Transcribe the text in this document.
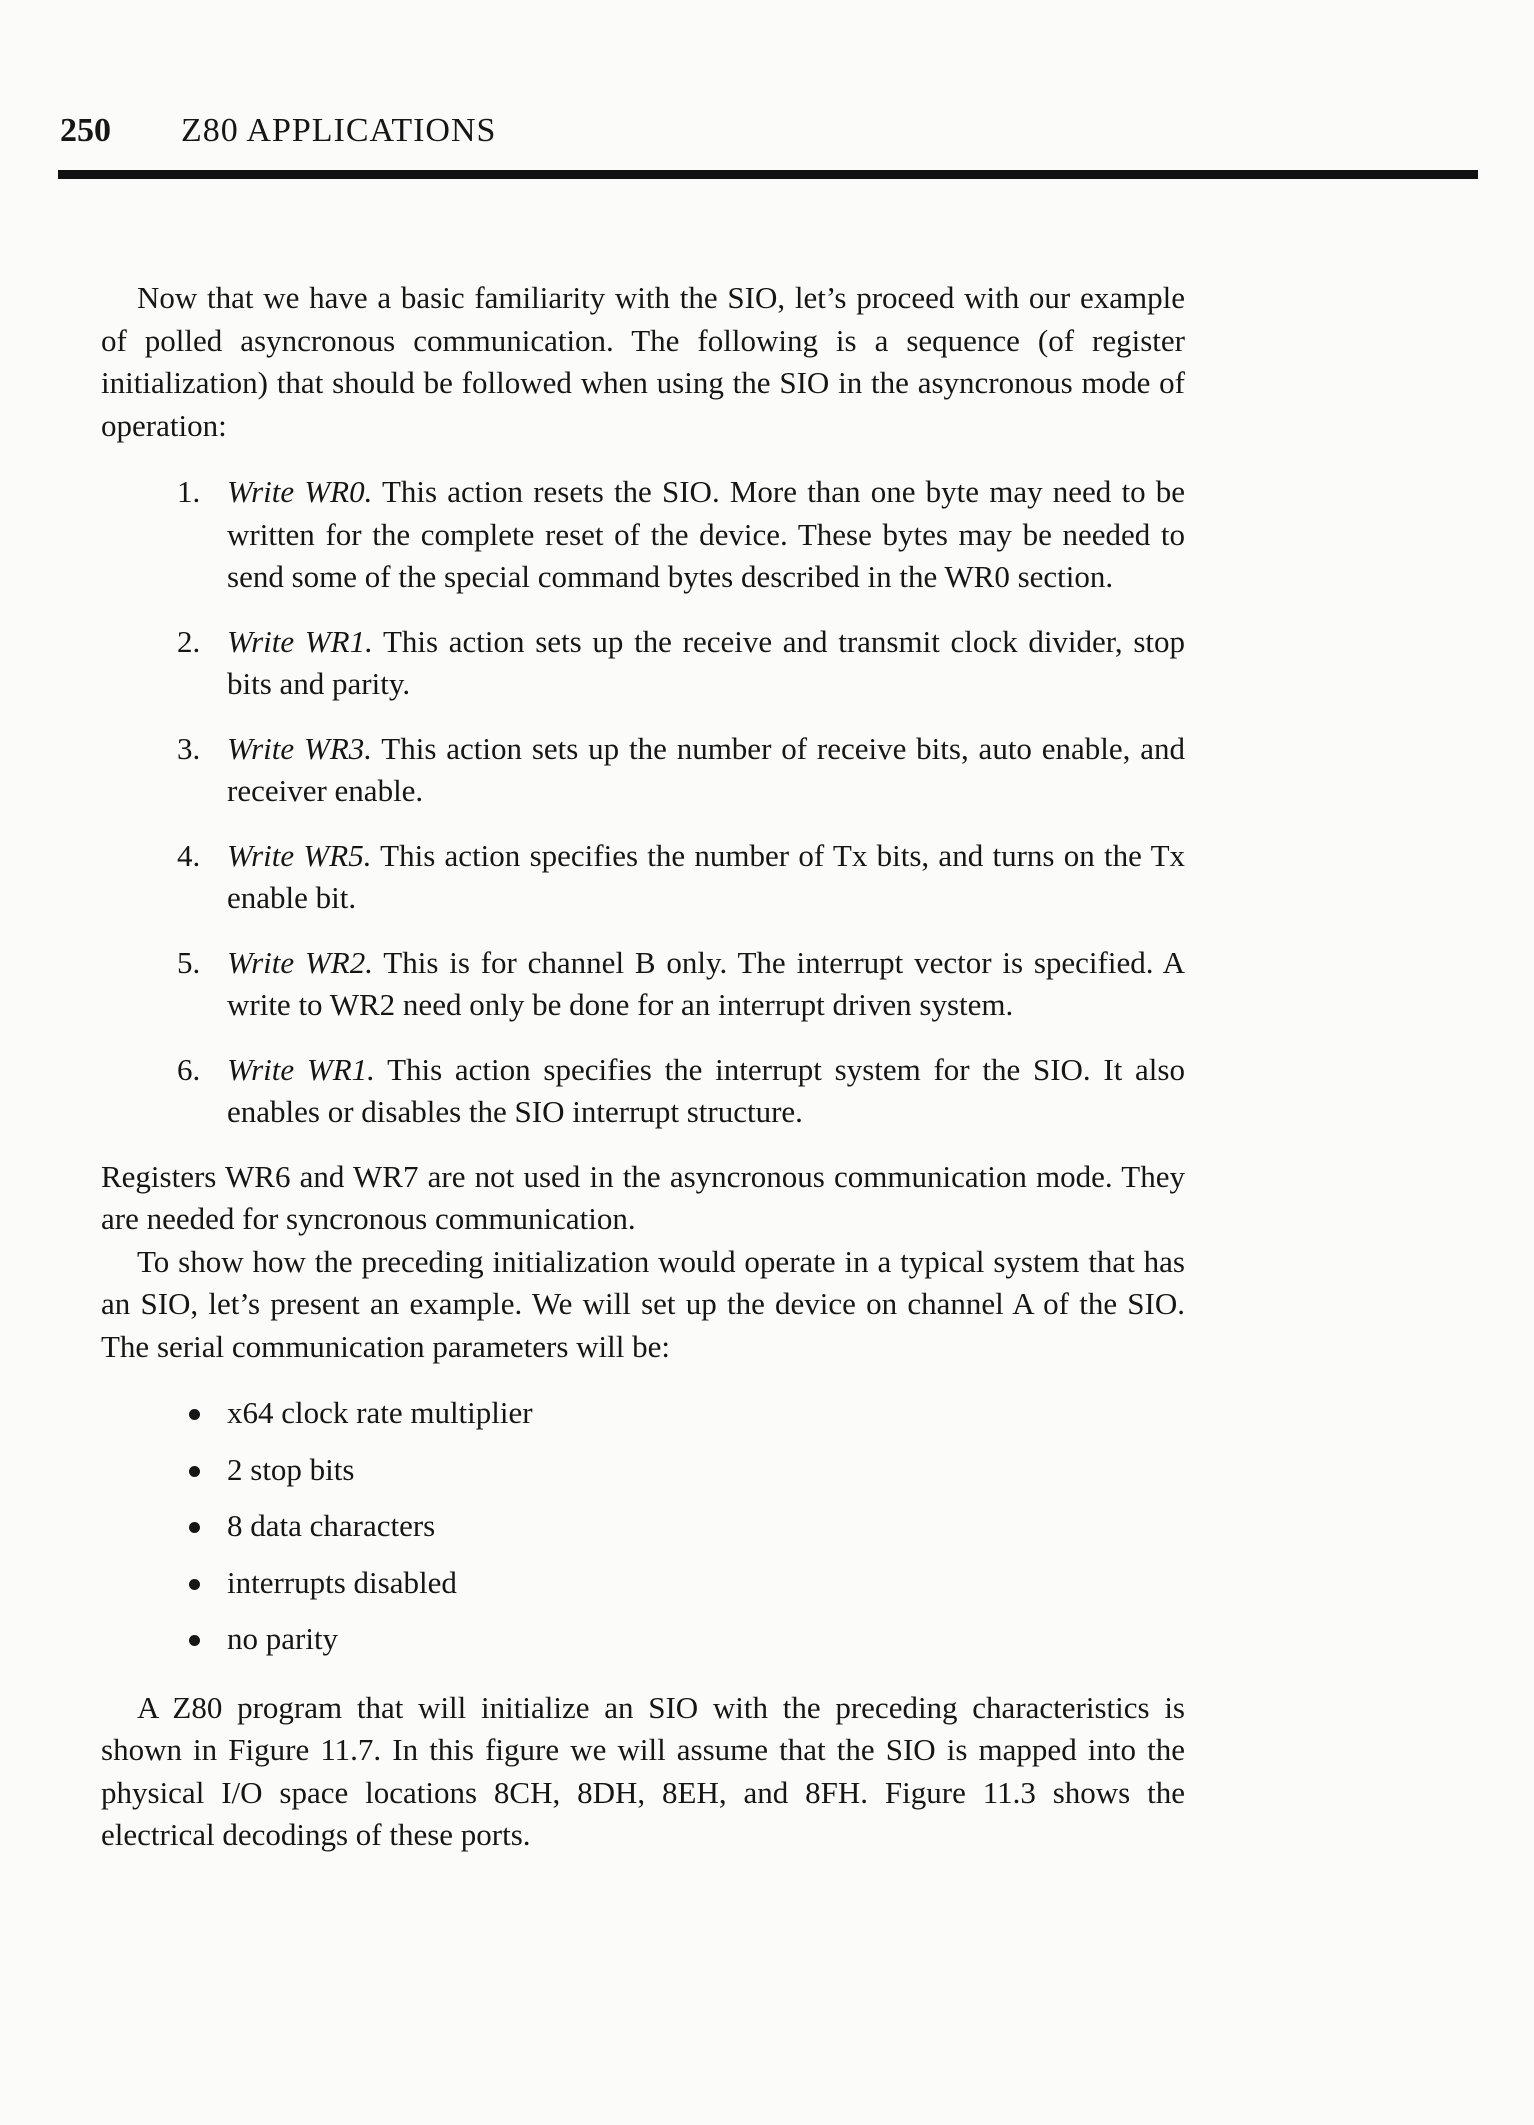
250 Z80 APPLICATIONS

Now that we have a basic familiarity with the SIO, let’s proceed with our example of polled asyncronous communication. The following is a sequence (of register initialization) that should be followed when using the SIO in the asyncronous mode of operation:

1. Write WR0. This action resets the SIO. More than one byte may need to be written for the complete reset of the device. These bytes may be needed to send some of the special command bytes described in the WR0 section.
2. Write WR1. This action sets up the receive and transmit clock divider, stop bits and parity.
3. Write WR3. This action sets up the number of receive bits, auto enable, and receiver enable.
4. Write WR5. This action specifies the number of Tx bits, and turns on the Tx enable bit.
5. Write WR2. This is for channel B only. The interrupt vector is specified. A write to WR2 need only be done for an interrupt driven system.
6. Write WR1. This action specifies the interrupt system for the SIO. It also enables or disables the SIO interrupt structure.

Registers WR6 and WR7 are not used in the asyncronous communication mode. They are needed for syncronous communication.

To show how the preceding initialization would operate in a typical system that has an SIO, let’s present an example. We will set up the device on channel A of the SIO. The serial communication parameters will be:

x64 clock rate multiplier
2 stop bits
8 data characters
interrupts disabled
no parity

A Z80 program that will initialize an SIO with the preceding characteristics is shown in Figure 11.7. In this figure we will assume that the SIO is mapped into the physical I/O space locations 8CH, 8DH, 8EH, and 8FH. Figure 11.3 shows the electrical decodings of these ports.
